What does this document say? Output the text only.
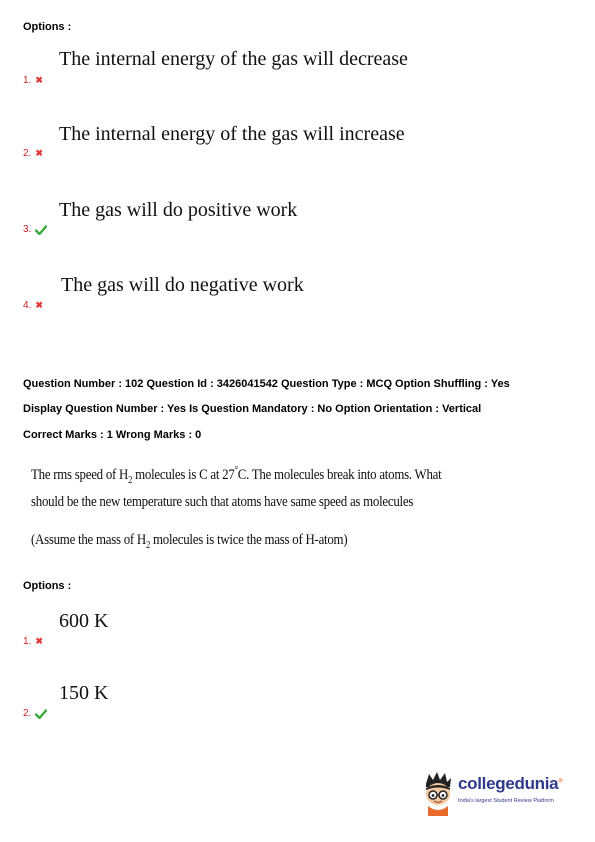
Options :
The internal energy of the gas will decrease
1. ✖
The internal energy of the gas will increase
2. ✖
The gas will do positive work
3.
The gas will do negative work
4. ✖
Question Number : 102 Question Id : 3426041542 Question Type : MCQ Option Shuffling : Yes
Display Question Number : Yes Is Question Mandatory : No Option Orientation : Vertical
Correct Marks : 1 Wrong Marks : 0
The rms speed of $H_2$ molecules is C at 27°C. The molecules break into atoms. What
should be the new temperature such that atoms have same speed as molecules
(Assume the mass of $H_2$ molecules is twice the mass of H-atom)
Options :
600 K
1. ✖
150 K
2.
collegedunia®
India's largest Student Review Platform
